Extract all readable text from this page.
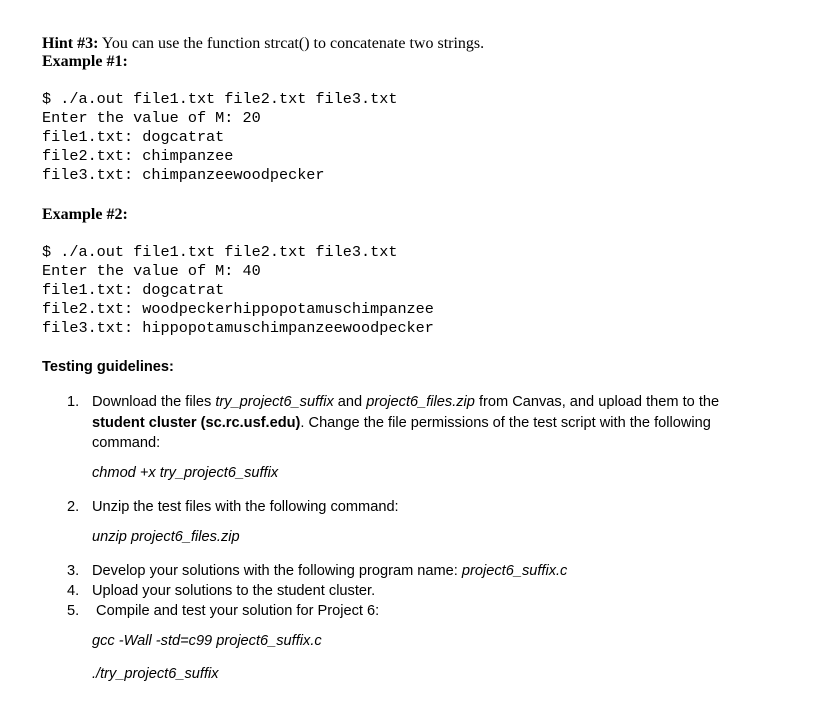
Hint #3: You can use the function strcat() to concatenate two strings.
Example #1:
$ ./a.out file1.txt file2.txt file3.txt
Enter the value of M: 20
file1.txt: dogcatrat
file2.txt: chimpanzee
file3.txt: chimpanzeewoodpecker
Example #2:
$ ./a.out file1.txt file2.txt file3.txt
Enter the value of M: 40
file1.txt: dogcatrat
file2.txt: woodpeckerhippopotamuschimpanzee
file3.txt: hippopotamuschimpanzeewoodpecker
Testing guidelines:
1. Download the files try_project6_suffix and project6_files.zip from Canvas, and upload them to the student cluster (sc.rc.usf.edu). Change the file permissions of the test script with the following command:
chmod +x try_project6_suffix
2. Unzip the test files with the following command:
unzip project6_files.zip
3. Develop your solutions with the following program name: project6_suffix.c
4. Upload your solutions to the student cluster.
5. Compile and test your solution for Project 6:
gcc -Wall -std=c99 project6_suffix.c
./try_project6_suffix
